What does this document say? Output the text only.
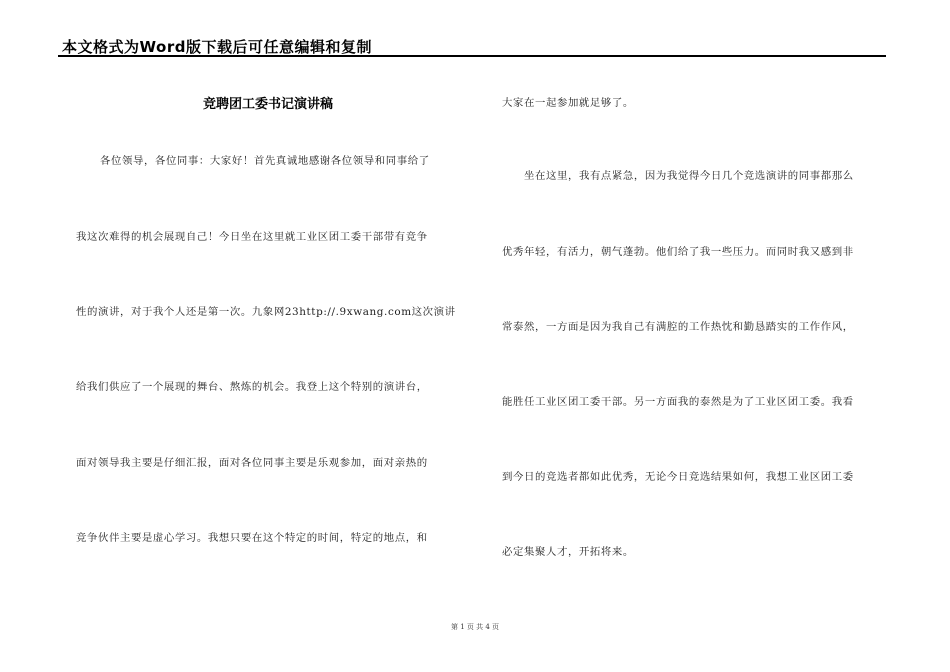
本文格式为Word版下载后可任意编辑和复制
竞聘团工委书记演讲稿
各位领导，各位同事：大家好！首先真诚地感谢各位领导和同事给了
我这次难得的机会展现自己！今日坐在这里就工业区团工委干部带有竞争
性的演讲，对于我个人还是第一次。九象网23http://.9xwang.com这次演讲
给我们供应了一个展现的舞台、熬炼的机会。我登上这个特别的演讲台，
面对领导我主要是仔细汇报，面对各位同事主要是乐观参加，面对亲热的
竞争伙伴主要是虚心学习。我想只要在这个特定的时间，特定的地点，和
大家在一起参加就足够了。
坐在这里，我有点紧急，因为我觉得今日几个竞选演讲的同事都那么
优秀年轻，有活力，朝气蓬勃。他们给了我一些压力。而同时我又感到非
常泰然，一方面是因为我自己有满腔的工作热忱和勤恳踏实的工作作风，
能胜任工业区团工委干部。另一方面我的泰然是为了工业区团工委。我看
到今日的竞选者都如此优秀，无论今日竞选结果如何，我想工业区团工委
必定集聚人才，开拓将来。
第 1 页 共 4 页
